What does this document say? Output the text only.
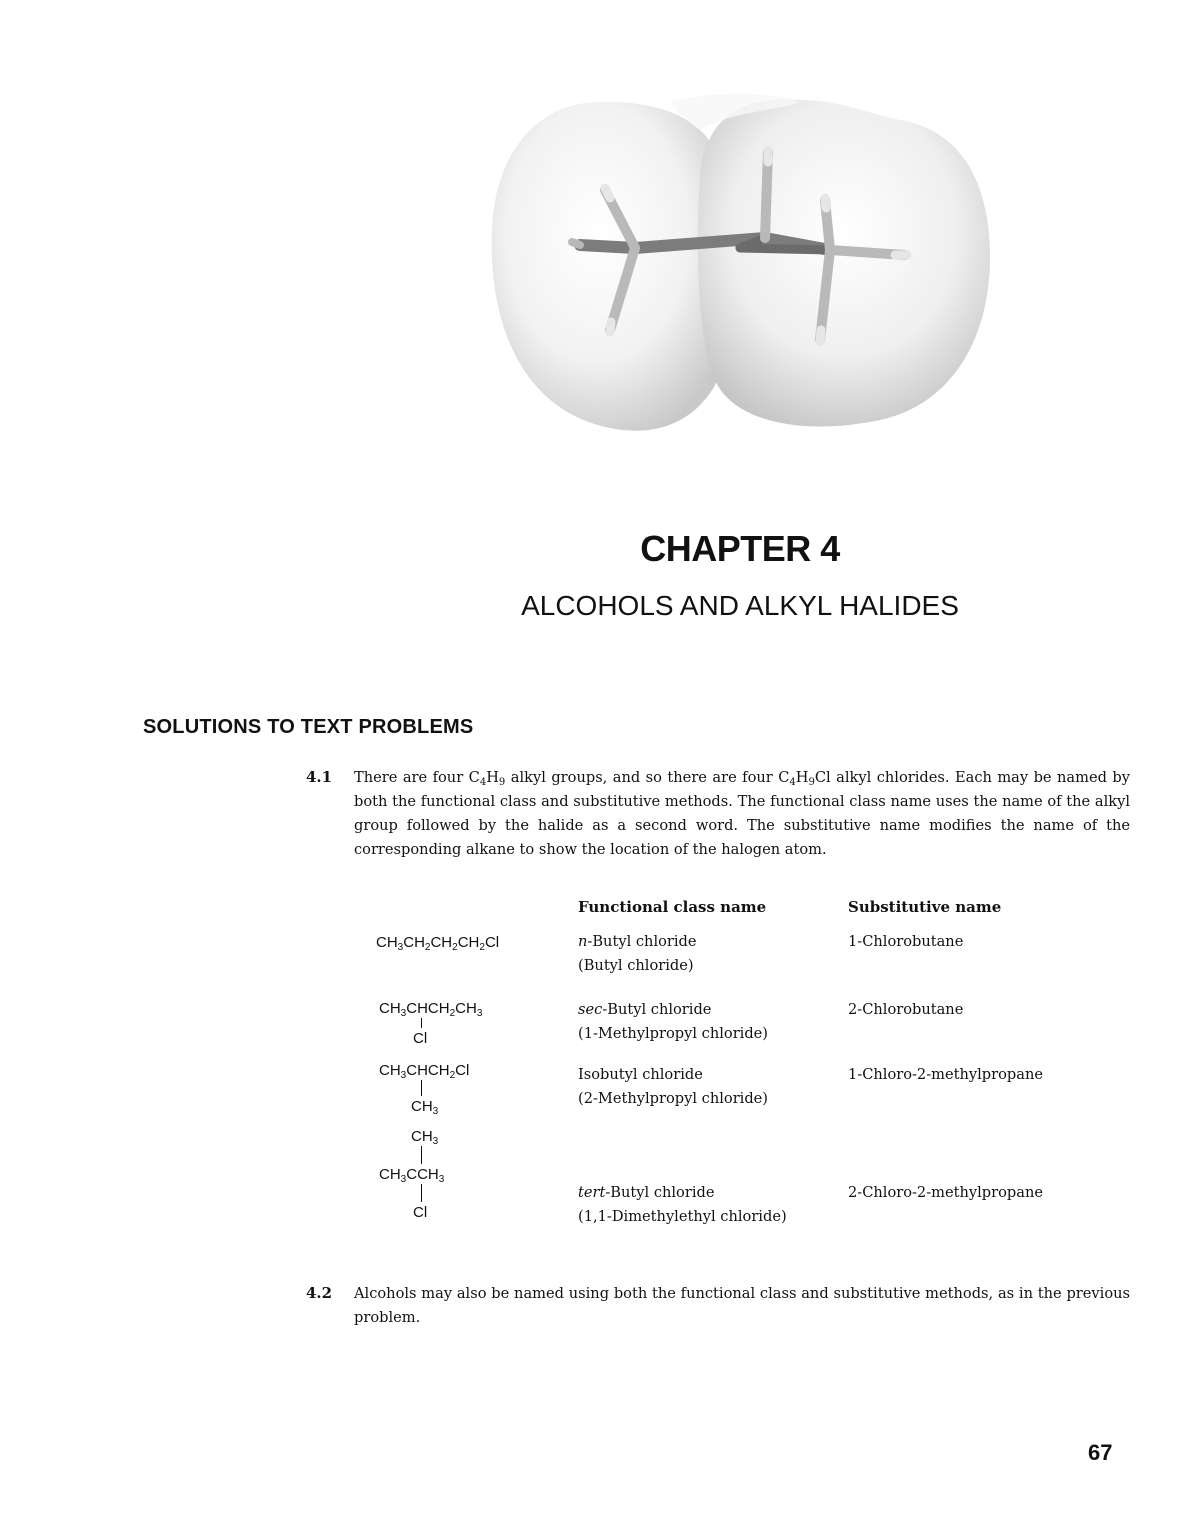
CHAPTER 4
ALCOHOLS AND ALKYL HALIDES
SOLUTIONS TO TEXT PROBLEMS
4.1 There are four $C_4H_9$ alkyl groups, and so there are four $C_4H_9Cl$ alkyl chlorides. Each may be named by both the functional class and substitutive methods. The functional class name uses the name of the alkyl group followed by the halide as a second word. The substitutive name modifies the name of the corresponding alkane to show the location of the halogen atom.
Functional class name	Substitutive name
$CH_3CH_2CH_2CH_2Cl$	n-Butyl chloride
(Butyl chloride)
1-Chlorobutane
$CH_3CHCH_2CH_3$
Cl
sec-Butyl chloride
(1-Methylpropyl chloride)
2-Chlorobutane
$CH_3CHCH_2Cl$
$CH_3$
Isobutyl chloride
(2-Methylpropyl chloride)
1-Chloro-2-methylpropane
$CH_3$
$CH_3CCH_3$
Cl
tert-Butyl chloride
(1,1-Dimethylethyl chloride)
2-Chloro-2-methylpropane
4.2 Alcohols may also be named using both the functional class and substitutive methods, as in the previous problem.
67
